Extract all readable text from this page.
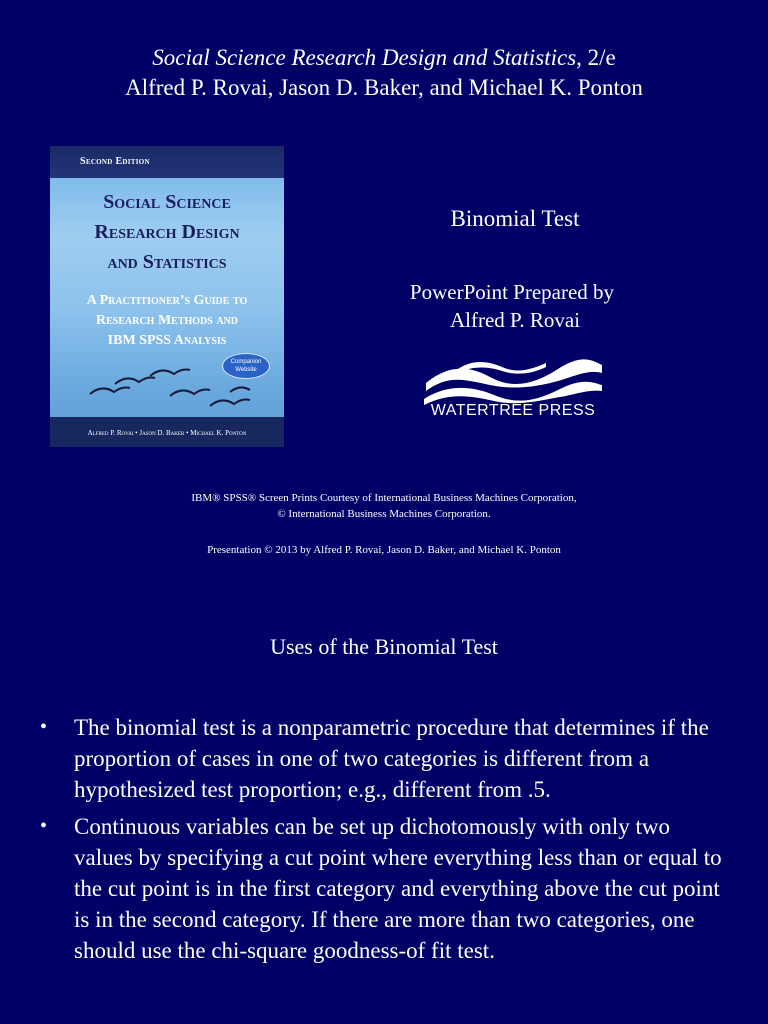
Social Science Research Design and Statistics, 2/e
Alfred P. Rovai, Jason D. Baker, and Michael K. Ponton
Second Edition
Social Science
Research Design
and Statistics
A Practitioner’s Guide to
Research Methods and
IBM SPSS Analysis
Companion
Website
Alfred P. Rovai • Jason D. Baker • Michael K. Ponton
Binomial Test
PowerPoint Prepared by
Alfred P. Rovai
WATERTREE PRESS
IBM® SPSS® Screen Prints Courtesy of International Business Machines Corporation,
© International Business Machines Corporation.
Presentation © 2013 by Alfred P. Rovai, Jason D. Baker, and Michael K. Ponton
Uses of the Binomial Test
• The binomial test is a nonparametric procedure that determines if the proportion of cases in one of two categories is different from a hypothesized test proportion; e.g., different from .5.
• Continuous variables can be set up dichotomously with only two values by specifying a cut point where everything less than or equal to the cut point is in the first category and everything above the cut point is in the second category. If there are more than two categories, one should use the chi-square goodness-of fit test.
